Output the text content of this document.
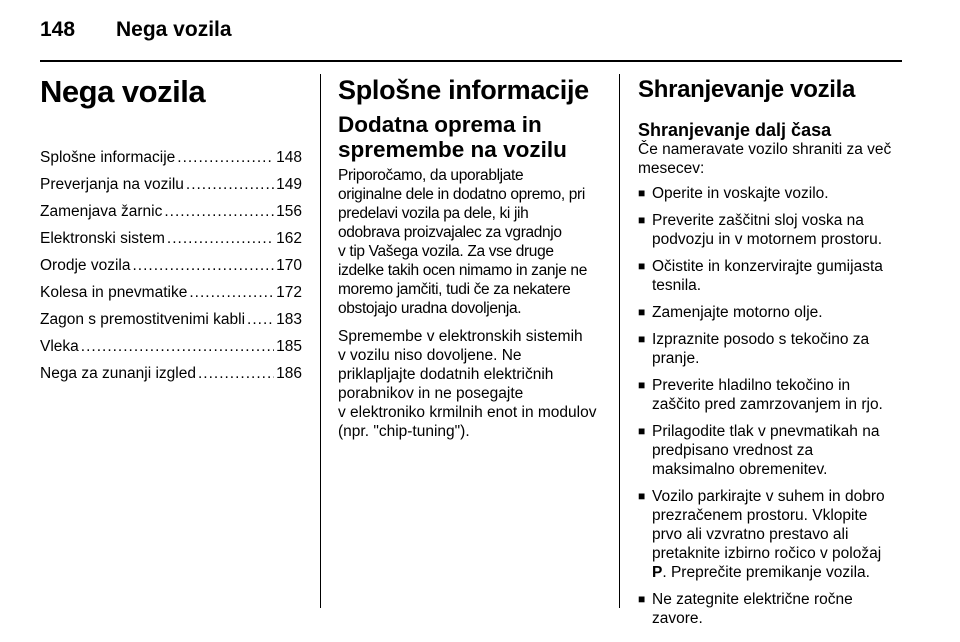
148 Nega vozila
Nega vozila
Splošne informacije .....	148
Preverjanja na vozilu .....	149
Zamenjava žarnic .....	156
Elektronski sistem .....	162
Orodje vozila .....	170
Kolesa in pnevmatike .....	172
Zagon s premostitvenimi kabli ..... 183
Vleka .....	185
Nega za zunanji izgled .....	186
Splošne informacije
Dodatna oprema in spremembe na vozilu

Priporočamo, da uporabljate
originalne dele in dodatno opremo, pri
predelavi vozila pa dele, ki jih
odobrava proizvajalec za vgradnjo
v tip Vašega vozila. Za vse druge
izdelke takih ocen nimamo in zanje ne
moremo jamčiti, tudi če za nekatere
obstojajo uradna dovoljenja.

Spremembe v elektronskih sistemih
v vozilu niso dovoljene. Ne
priklapljajte dodatnih električnih
porabnikov in ne posegajte
v elektroniko krmilnih enot in modulov
(npr. "chip-tuning").

Shranjevanje vozila
Shranjevanje dalj časa

Če nameravate vozilo shraniti za več
mesecev:

■ Operite in voskajte vozilo.
■ Preverite zaščitni sloj voska na
podvozju in v motornem prostoru.
■ Očistite in konzervirajte gumijasta
tesnila.
■ Zamenjajte motorno olje.
■ Izpraznite posodo s tekočino za
pranje.
■ Preverite hladilno tekočino in
zaščito pred zamrzovanjem in rjo.
■ Prilagodite tlak v pnevmatikah na
predpisano vrednost za
maksimalno obremenitev.
■ Vozilo parkirajte v suhem in dobro
prezračenem prostoru. Vklopite
prvo ali vzvratno prestavo ali
pretaknite izbirno ročico v položaj
P. Preprečite premikanje vozila.
■ Ne zategnite električne ročne
zavore.
